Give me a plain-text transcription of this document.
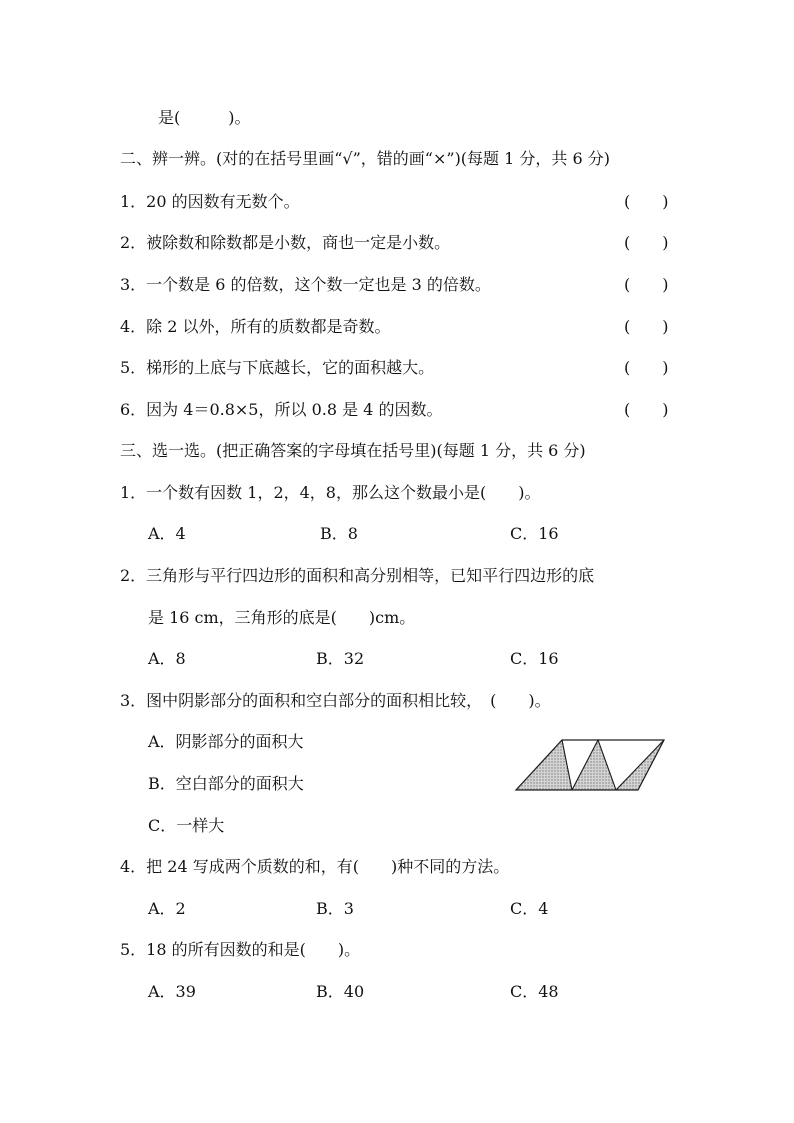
是(　　　)。
二、辨一辨。(对的在括号里画“√”，错的画“×”)(每题 1 分，共 6 分)
1．20 的因数有无数个。	(　　)
2．被除数和除数都是小数，商也一定是小数。	(　　)
3．一个数是 6 的倍数，这个数一定也是 3 的倍数。	(　　)
4．除 2 以外，所有的质数都是奇数。	(　　)
5．梯形的上底与下底越长，它的面积越大。	(　　)
6．因为 4＝0.8×5，所以 0.8 是 4 的因数。	(　　)
三、选一选。(把正确答案的字母填在括号里)(每题 1 分，共 6 分)
1．一个数有因数 1，2，4，8，那么这个数最小是(　　)。
A．4	B．8	C．16
2．三角形与平行四边形的面积和高分别相等，已知平行四边形的底
是 16 cm，三角形的底是(　　)cm。
A．8	B．32	C．16
3．图中阴影部分的面积和空白部分的面积相比较，　(　　)。
A．阴影部分的面积大
B．空白部分的面积大
C．一样大
4．把 24 写成两个质数的和，有(　　)种不同的方法。
A．2	B．3	C．4
5．18 的所有因数的和是(　　)。
A．39	B．40	C．48
